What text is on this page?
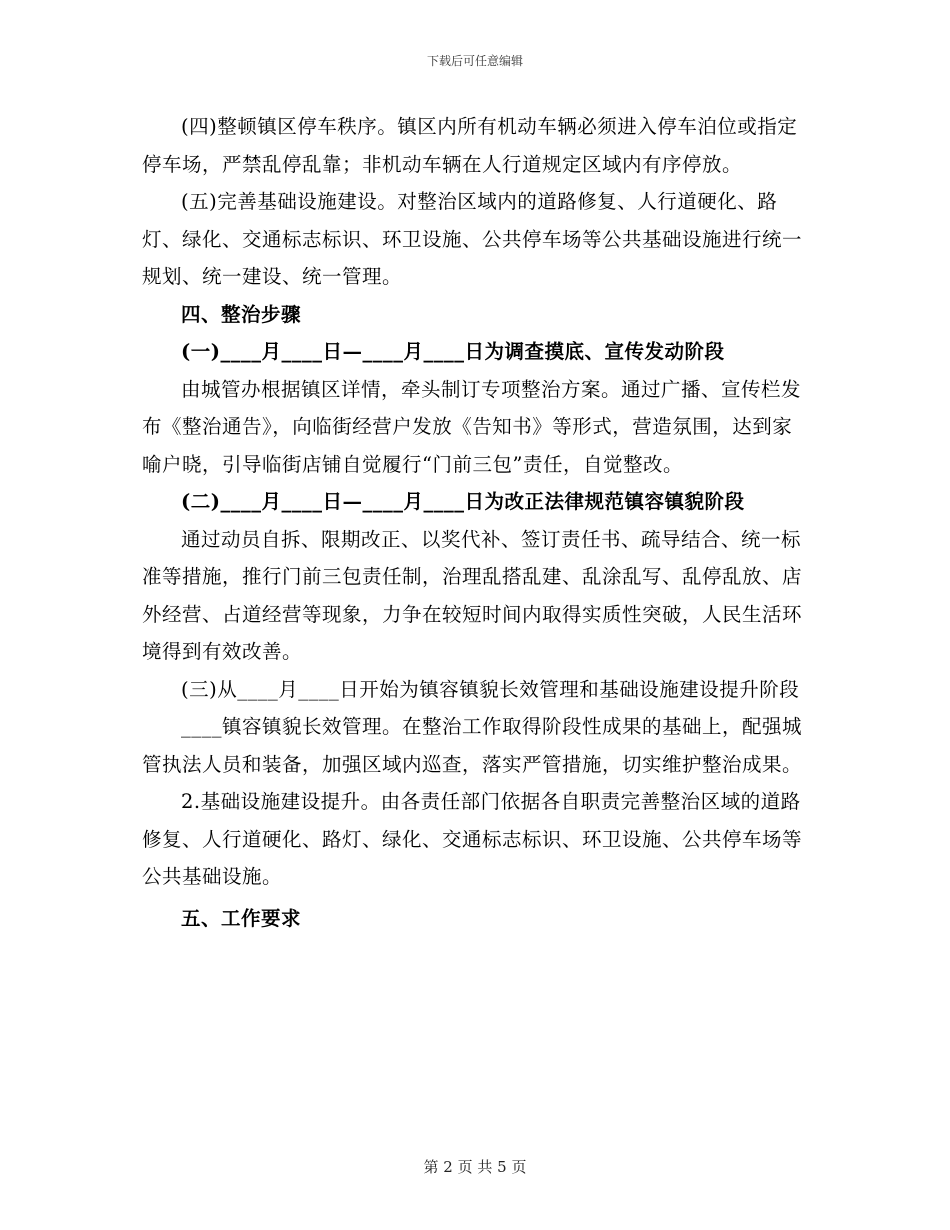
下载后可任意编辑

(四)整顿镇区停车秩序。镇区内所有机动车辆必须进入停车泊位或指定停车场，严禁乱停乱靠；非机动车辆在人行道规定区域内有序停放。

(五)完善基础设施建设。对整治区域内的道路修复、人行道硬化、路灯、绿化、交通标志标识、环卫设施、公共停车场等公共基础设施进行统一规划、统一建设、统一管理。

四、整治步骤

(一)____月____日—____月____日为调查摸底、宣传发动阶段

由城管办根据镇区详情，牵头制订专项整治方案。通过广播、宣传栏发布《整治通告》，向临街经营户发放《告知书》等形式，营造氛围，达到家喻户晓，引导临街店铺自觉履行“门前三包”责任，自觉整改。

(二)____月____日—____月____日为改正法律规范镇容镇貌阶段

通过动员自拆、限期改正、以奖代补、签订责任书、疏导结合、统一标准等措施，推行门前三包责任制，治理乱搭乱建、乱涂乱写、乱停乱放、店外经营、占道经营等现象，力争在较短时间内取得实质性突破，人民生活环境得到有效改善。

(三)从____月____日开始为镇容镇貌长效管理和基础设施建设提升阶段

____镇容镇貌长效管理。在整治工作取得阶段性成果的基础上，配强城管执法人员和装备，加强区域内巡查，落实严管措施，切实维护整治成果。

2.基础设施建设提升。由各责任部门依据各自职责完善整治区域的道路修复、人行道硬化、路灯、绿化、交通标志标识、环卫设施、公共停车场等公共基础设施。

五、工作要求

第 2 页 共 5 页
